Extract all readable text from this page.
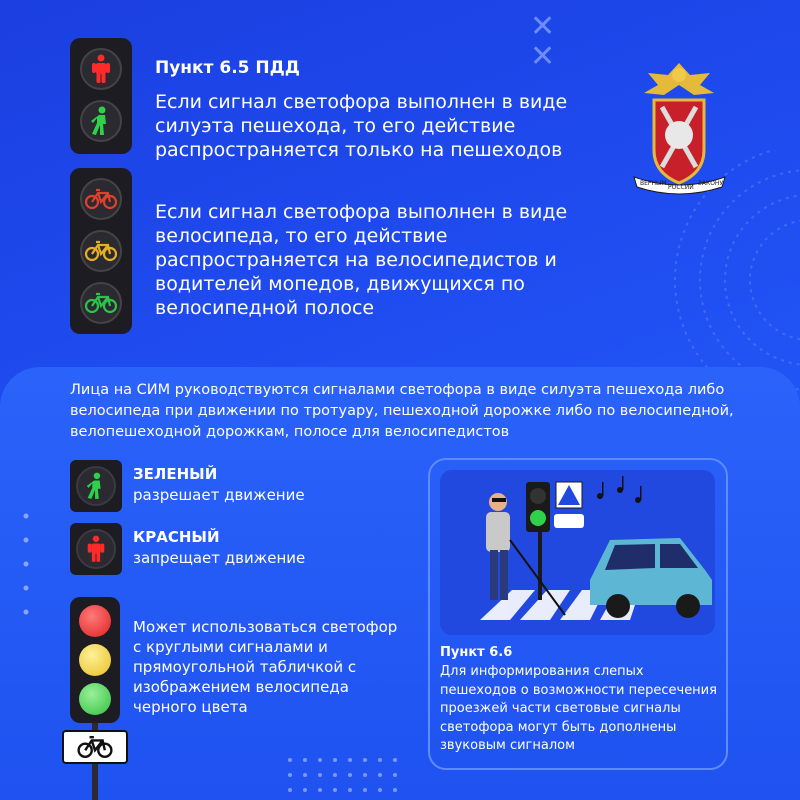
✕
✕
Пункт 6.5 ПДД
Если сигнал светофора выполнен в виде силуэта пешехода, то его действие распространяется только на пешеходов
Если сигнал светофора выполнен в виде велосипеда, то его действие распространяется на велосипедистов и водителей мопедов, движущихся по велосипедной полосе
ВЕРНЫМ
РОССИИ
ЗАКОНУ
Лица на СИМ руководствуются сигналами светофора в виде силуэта пешехода либо велосипеда при движении по тротуару, пешеходной дорожке либо по велосипедной, велопешеходной дорожкам, полосе для велосипедистов
ЗЕЛЕНЫЙ
разрешает движение
КРАСНЫЙ
запрещает движение
Может использоваться светофор с круглыми сигналами и прямоугольной табличкой с изображением велосипеда черного цвета
Пункт 6.6
Для информирования слепых пешеходов о возможности пересечения проезжей части световые сигналы светофора могут быть дополнены звуковым сигналом
